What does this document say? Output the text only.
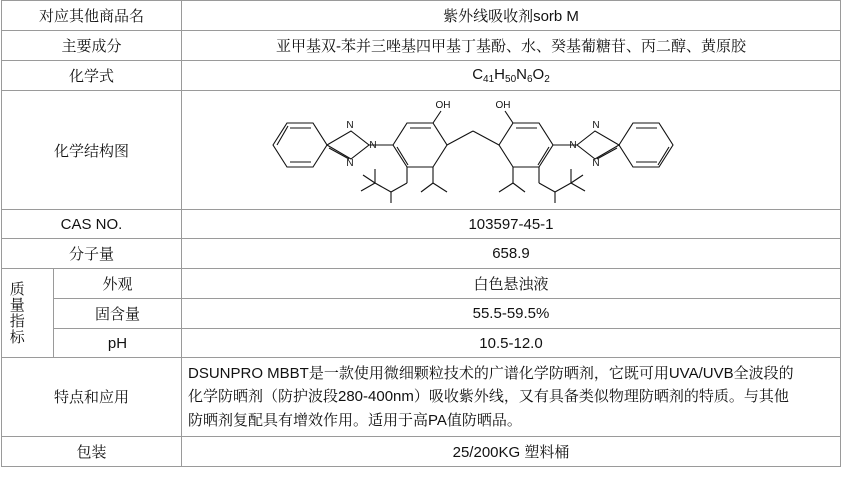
对应其他商品名		紫外线吸收剂sorb M
主要成分		亚甲基双-苯并三唑基四甲基丁基酚、水、癸基葡糖苷、丙二醇、黄原胶
化学式		$C_{41}H_{50}N_6O_2$
化学结构图	
OH	OH
N
N
N
N
N
N

CAS NO.		103597-45-1
分子量		658.9

质量指标	外观	白色悬浊液
	固含量	55.5-59.5%
	pH	10.5-12.0
特点和应用		DSUNPRO MBBT是一款使用微细颗粒技术的广谱化学防晒剂，它既可用UVA/UVB全波段的
化学防晒剂（防护波段280-400nm）吸收紫外线，又有具备类似物理防晒剂的特质。与其他
防晒剂复配具有增效作用。适用于高PA值防晒品。

包装		25/200KG 塑料桶
